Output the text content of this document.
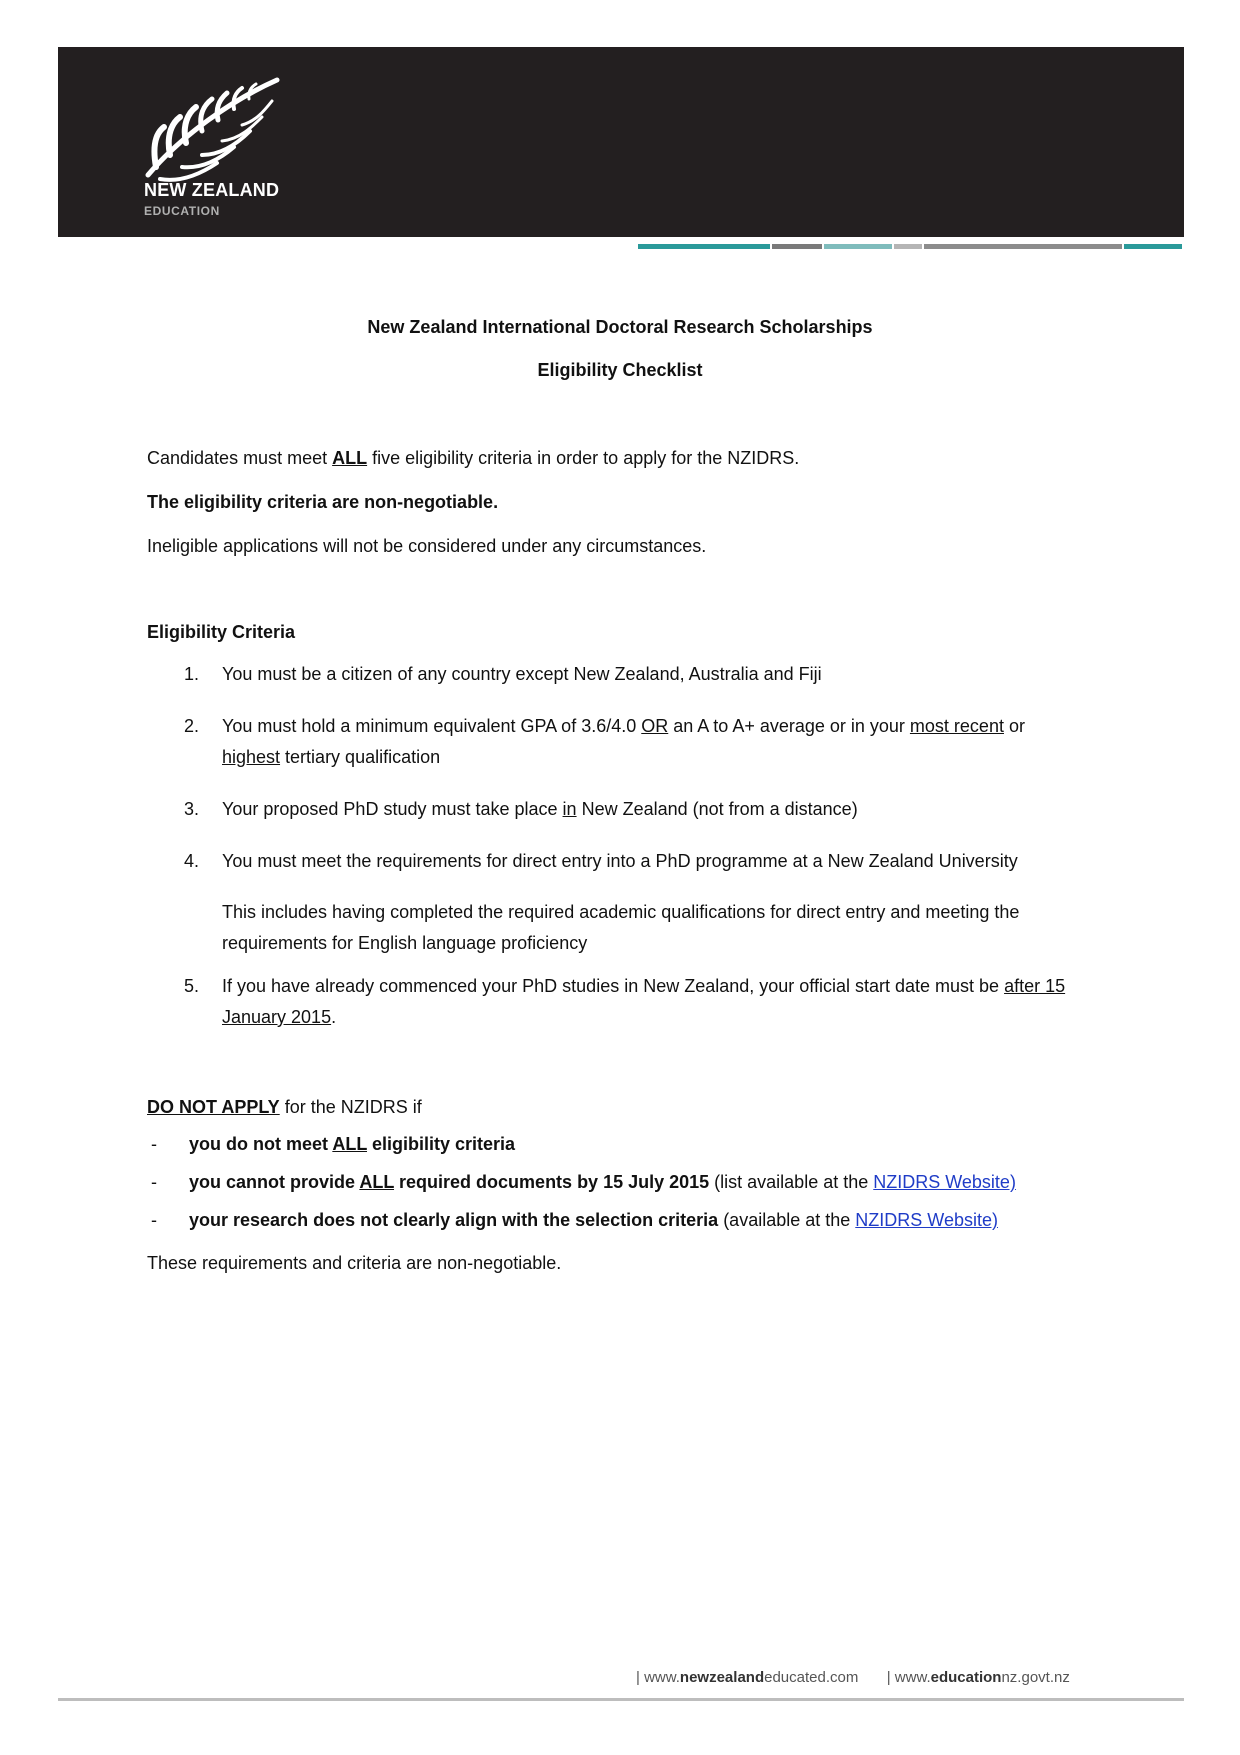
NEW ZEALAND
EDUCATION
New Zealand International Doctoral Research Scholarships
Eligibility Checklist

Candidates must meet ALL five eligibility criteria in order to apply for the NZIDRS.

The eligibility criteria are non-negotiable.

Ineligible applications will not be considered under any circumstances.

Eligibility Criteria

1.	You must be a citizen of any country except New Zealand, Australia and Fiji
2.	You must hold a minimum equivalent GPA of 3.6/4.0 OR an A to A+ average or in your most recent or
highest tertiary qualification
3.	Your proposed PhD study must take place in New Zealand (not from a distance)
4.	You must meet the requirements for direct entry into a PhD programme at a New Zealand University

This includes having completed the required academic qualifications for direct entry and meeting the requirements for English language proficiency
5.	If you have already commenced your PhD studies in New Zealand, your official start date must be after 15 January 2015.

DO NOT APPLY for the NZIDRS if

- you do not meet ALL eligibility criteria
- you cannot provide ALL required documents by 15 July 2015 (list available at the NZIDRS Website)
- your research does not clearly align with the selection criteria (available at the NZIDRS Website)

These requirements and criteria are non-negotiable.

| www.newzealandeducated.com | www.educationnz.govt.nz
